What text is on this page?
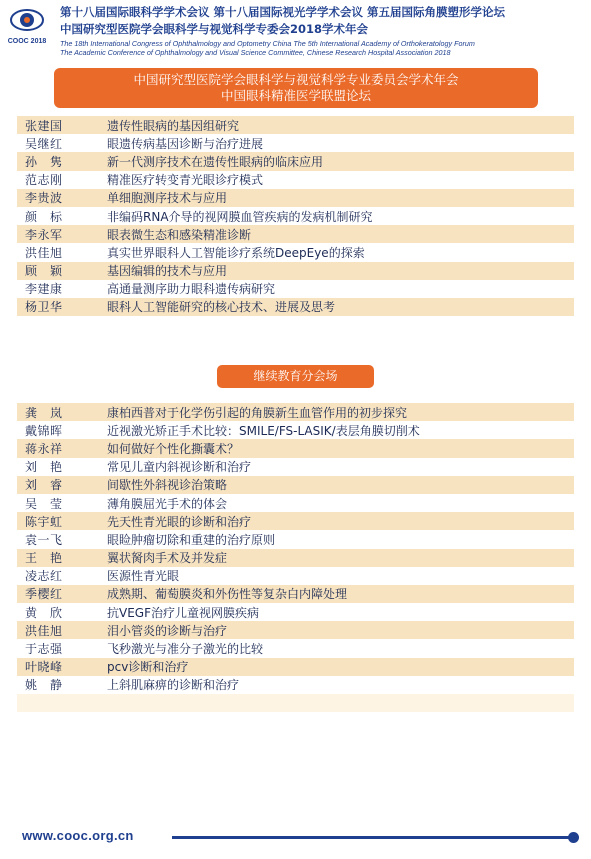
COOC 2018
第十八届国际眼科学学术会议 第十八届国际视光学学术会议 第五届国际角膜塑形学论坛
中国研究型医院学会眼科学与视觉科学专委会2018学术年会
The 18th International Congress of Ophthalmology and Optometry China The 5th International Academy of Orthokeratology Forum
The Academic Conference of Ophthalmology and Visual Science Committee, Chinese Research Hospital Association 2018
中国研究型医院学会眼科学与视觉科学专业委员会学术年会
中国眼科精准医学联盟论坛
张建国	遗传性眼病的基因组研究
吴继红	眼遗传病基因诊断与治疗进展
孙　隽	新一代测序技术在遗传性眼病的临床应用
范志刚	精准医疗转变青光眼诊疗模式
李贵波	单细胞测序技术与应用
颜　标	非编码RNA介导的视网膜血管疾病的发病机制研究
李永军	眼表微生态和感染精准诊断
洪佳旭	真实世界眼科人工智能诊疗系统DeepEye的探索
顾　颖	基因编辑的技术与应用
李建康	高通量测序助力眼科遗传病研究
杨卫华	眼科人工智能研究的核心技术、进展及思考
继续教育分会场
龚　岚	康柏西普对于化学伤引起的角膜新生血管作用的初步探究
戴锦晖	近视激光矫正手术比较：SMILE/FS-LASIK/表层角膜切削术
蒋永祥	如何做好个性化撕囊术？
刘　艳	常见儿童内斜视诊断和治疗
刘　睿	间歇性外斜视诊治策略
吴　莹	薄角膜屈光手术的体会
陈宇虹	先天性青光眼的诊断和治疗
袁一飞	眼睑肿瘤切除和重建的治疗原则
王　艳	翼状胬肉手术及并发症
凌志红	医源性青光眼
季樱红	成熟期、葡萄膜炎和外伤性等复杂白内障处理
黄　欣	抗VEGF治疗儿童视网膜疾病
洪佳旭	泪小管炎的诊断与治疗
于志强	飞秒激光与准分子激光的比较
叶晓峰	pcv诊断和治疗
姚　静	上斜肌麻痹的诊断和治疗
www.cooc.org.cn
